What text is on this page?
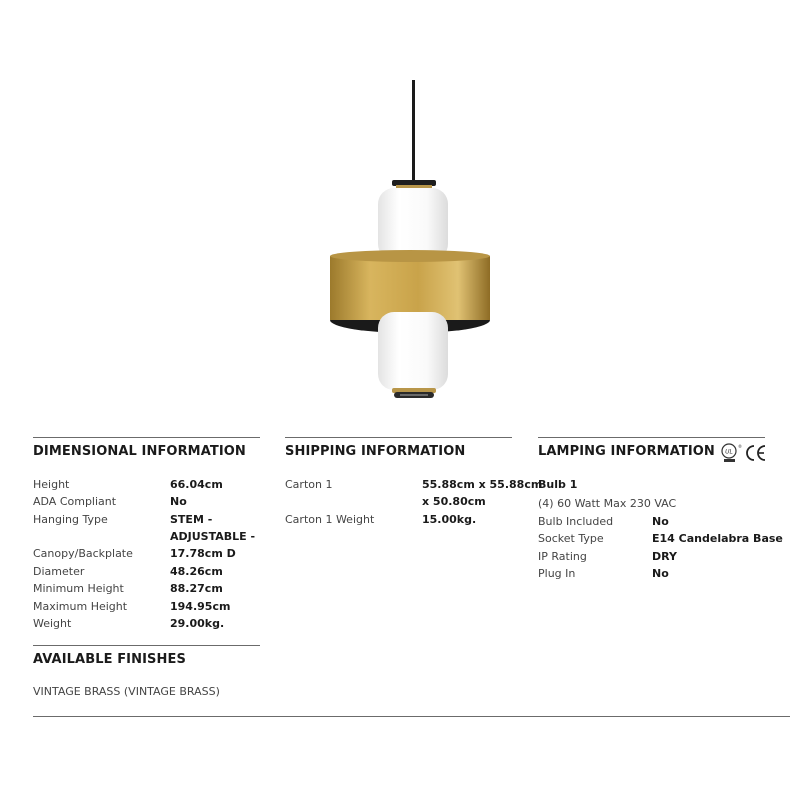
DIMENSIONAL INFORMATION
Height	66.04cm
ADA Compliant	No
Hanging Type	STEM -
ADJUSTABLE -
Canopy/Backplate	17.78cm D
Diameter	48.26cm
Minimum Height	88.27cm
Maximum Height	194.95cm
Weight	29.00kg.
SHIPPING INFORMATION
Carton 1	55.88cm x 55.88cm
x 50.80cm
Carton 1 Weight	15.00kg.
LAMPING INFORMATION UL
®
Bulb 1
(4) 60 Watt Max 230 VAC
Bulb Included	No
Socket Type	E14 Candelabra Base
IP Rating	DRY
Plug In	No
AVAILABLE FINISHES
VINTAGE BRASS (VINTAGE BRASS)
